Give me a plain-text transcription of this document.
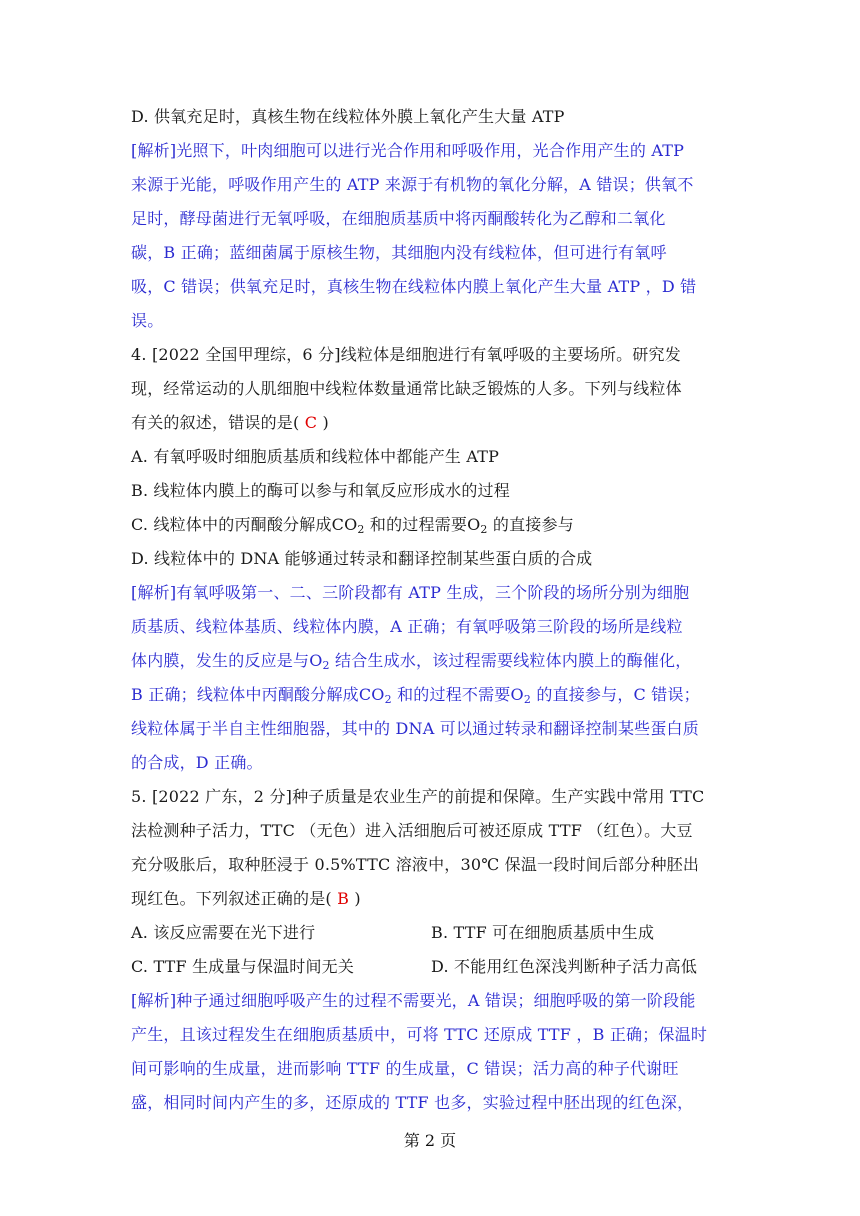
D. 供氧充足时，真核生物在线粒体外膜上氧化产生大量 ATP
[解析]光照下，叶肉细胞可以进行光合作用和呼吸作用，光合作用产生的 ATP
来源于光能，呼吸作用产生的 ATP 来源于有机物的氧化分解，A 错误；供氧不
足时，酵母菌进行无氧呼吸，在细胞质基质中将丙酮酸转化为乙醇和二氧化
碳，B 正确；蓝细菌属于原核生物，其细胞内没有线粒体，但可进行有氧呼
吸，C 错误；供氧充足时，真核生物在线粒体内膜上氧化产生大量 ATP ，D 错
误。
4. [2022 全国甲理综，6 分]线粒体是细胞进行有氧呼吸的主要场所。研究发
现，经常运动的人肌细胞中线粒体数量通常比缺乏锻炼的人多。下列与线粒体
有关的叙述，错误的是( C )
A. 有氧呼吸时细胞质基质和线粒体中都能产生 ATP
B. 线粒体内膜上的酶可以参与和氧反应形成水的过程
C. 线粒体中的丙酮酸分解成$CO_2$ 和的过程需要$O_2$ 的直接参与
D. 线粒体中的 DNA 能够通过转录和翻译控制某些蛋白质的合成
[解析]有氧呼吸第一、二、三阶段都有 ATP 生成，三个阶段的场所分别为细胞
质基质、线粒体基质、线粒体内膜，A 正确；有氧呼吸第三阶段的场所是线粒
体内膜，发生的反应是与$O_2$ 结合生成水，该过程需要线粒体内膜上的酶催化，
B 正确；线粒体中丙酮酸分解成$CO_2$ 和的过程不需要$O_2$ 的直接参与，C 错误；
线粒体属于半自主性细胞器，其中的 DNA 可以通过转录和翻译控制某些蛋白质
的合成，D 正确。
5. [2022 广东，2 分]种子质量是农业生产的前提和保障。生产实践中常用 TTC
法检测种子活力，TTC （无色）进入活细胞后可被还原成 TTF （红色）。大豆
充分吸胀后，取种胚浸于 0.5%TTC 溶液中，30℃ 保温一段时间后部分种胚出
现红色。下列叙述正确的是( B )
A. 该反应需要在光下进行	B. TTF 可在细胞质基质中生成
C. TTF 生成量与保温时间无关	D. 不能用红色深浅判断种子活力高低
[解析]种子通过细胞呼吸产生的过程不需要光，A 错误；细胞呼吸的第一阶段能
产生，且该过程发生在细胞质基质中，可将 TTC 还原成 TTF ，B 正确；保温时
间可影响的生成量，进而影响 TTF 的生成量，C 错误；活力高的种子代谢旺
盛，相同时间内产生的多，还原成的 TTF 也多，实验过程中胚出现的红色深，
第 2 页
